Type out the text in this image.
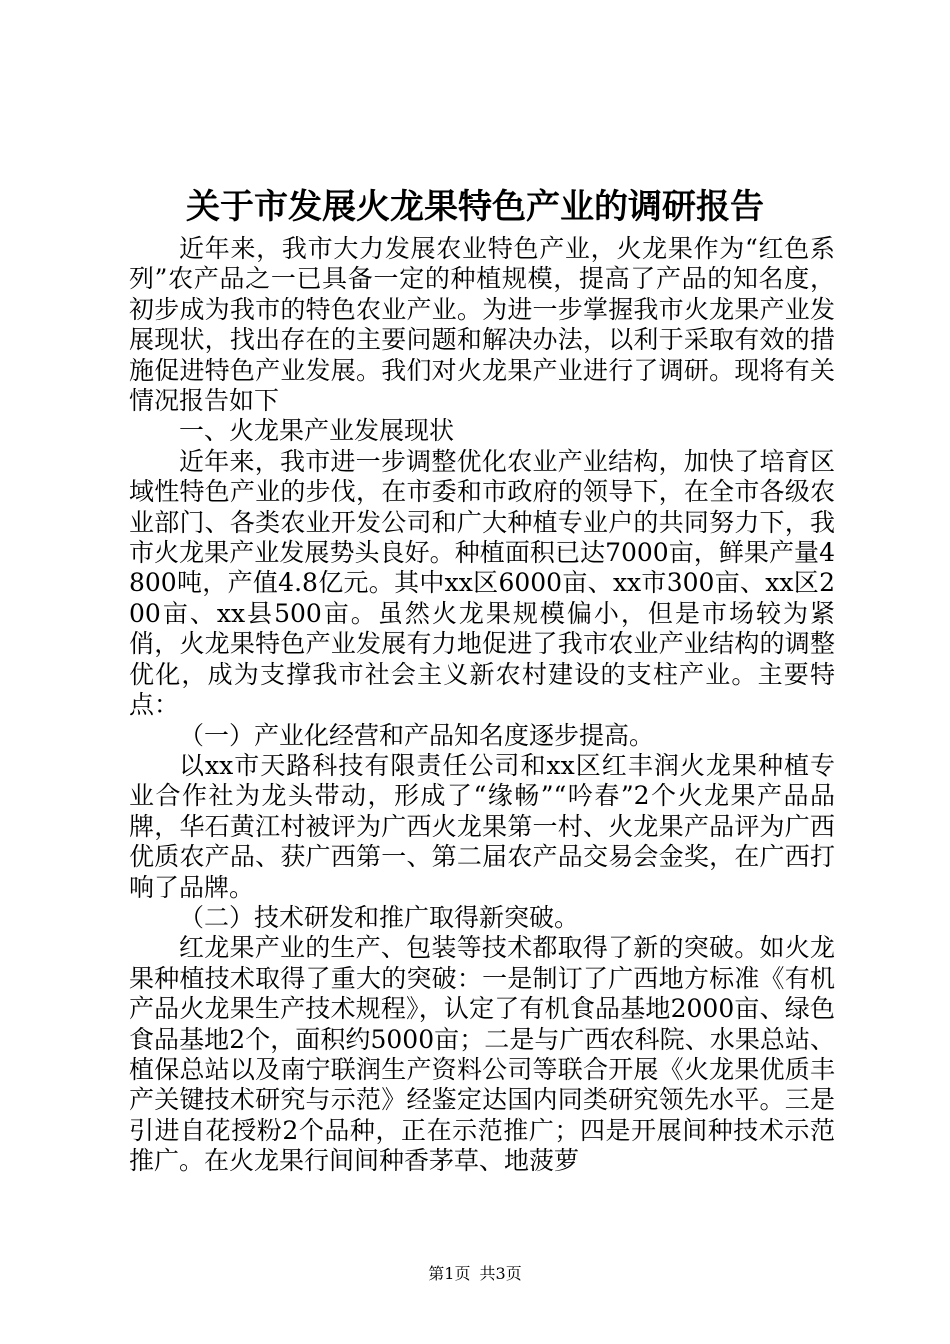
关于市发展火龙果特色产业的调研报告

近年来，我市大力发展农业特色产业，火龙果作为“红色系列”农产品之一已具备一定的种植规模，提高了产品的知名度，初步成为我市的特色农业产业。为进一步掌握我市火龙果产业发展现状，找出存在的主要问题和解决办法，以利于采取有效的措施促进特色产业发展。我们对火龙果产业进行了调研。现将有关情况报告如下

一、火龙果产业发展现状

近年来，我市进一步调整优化农业产业结构，加快了培育区域性特色产业的步伐，在市委和市政府的领导下，在全市各级农业部门、各类农业开发公司和广大种植专业户的共同努力下，我市火龙果产业发展势头良好。种植面积已达7000亩，鲜果产量4800吨，产值4.8亿元。其中xx区6000亩、xx市300亩、xx区200亩、xx县500亩。虽然火龙果规模偏小，但是市场较为紧俏，火龙果特色产业发展有力地促进了我市农业产业结构的调整优化，成为支撑我市社会主义新农村建设的支柱产业。主要特点：

（一）产业化经营和产品知名度逐步提高。

以xx市天路科技有限责任公司和xx区红丰润火龙果种植专业合作社为龙头带动，形成了“缘畅”“吟春”2个火龙果产品品牌，华石黄江村被评为广西火龙果第一村、火龙果产品评为广西优质农产品、获广西第一、第二届农产品交易会金奖，在广西打响了品牌。

（二）技术研发和推广取得新突破。

红龙果产业的生产、包装等技术都取得了新的突破。如火龙果种植技术取得了重大的突破：一是制订了广西地方标准《有机产品火龙果生产技术规程》，认定了有机食品基地2000亩、绿色食品基地2个，面积约5000亩；二是与广西农科院、水果总站、植保总站以及南宁联润生产资料公司等联合开展《火龙果优质丰产关键技术研究与示范》经鉴定达国内同类研究领先水平。三是引进自花授粉2个品种，正在示范推广；四是开展间种技术示范推广。在火龙果行间间种香茅草、地菠萝

第1页 共3页
